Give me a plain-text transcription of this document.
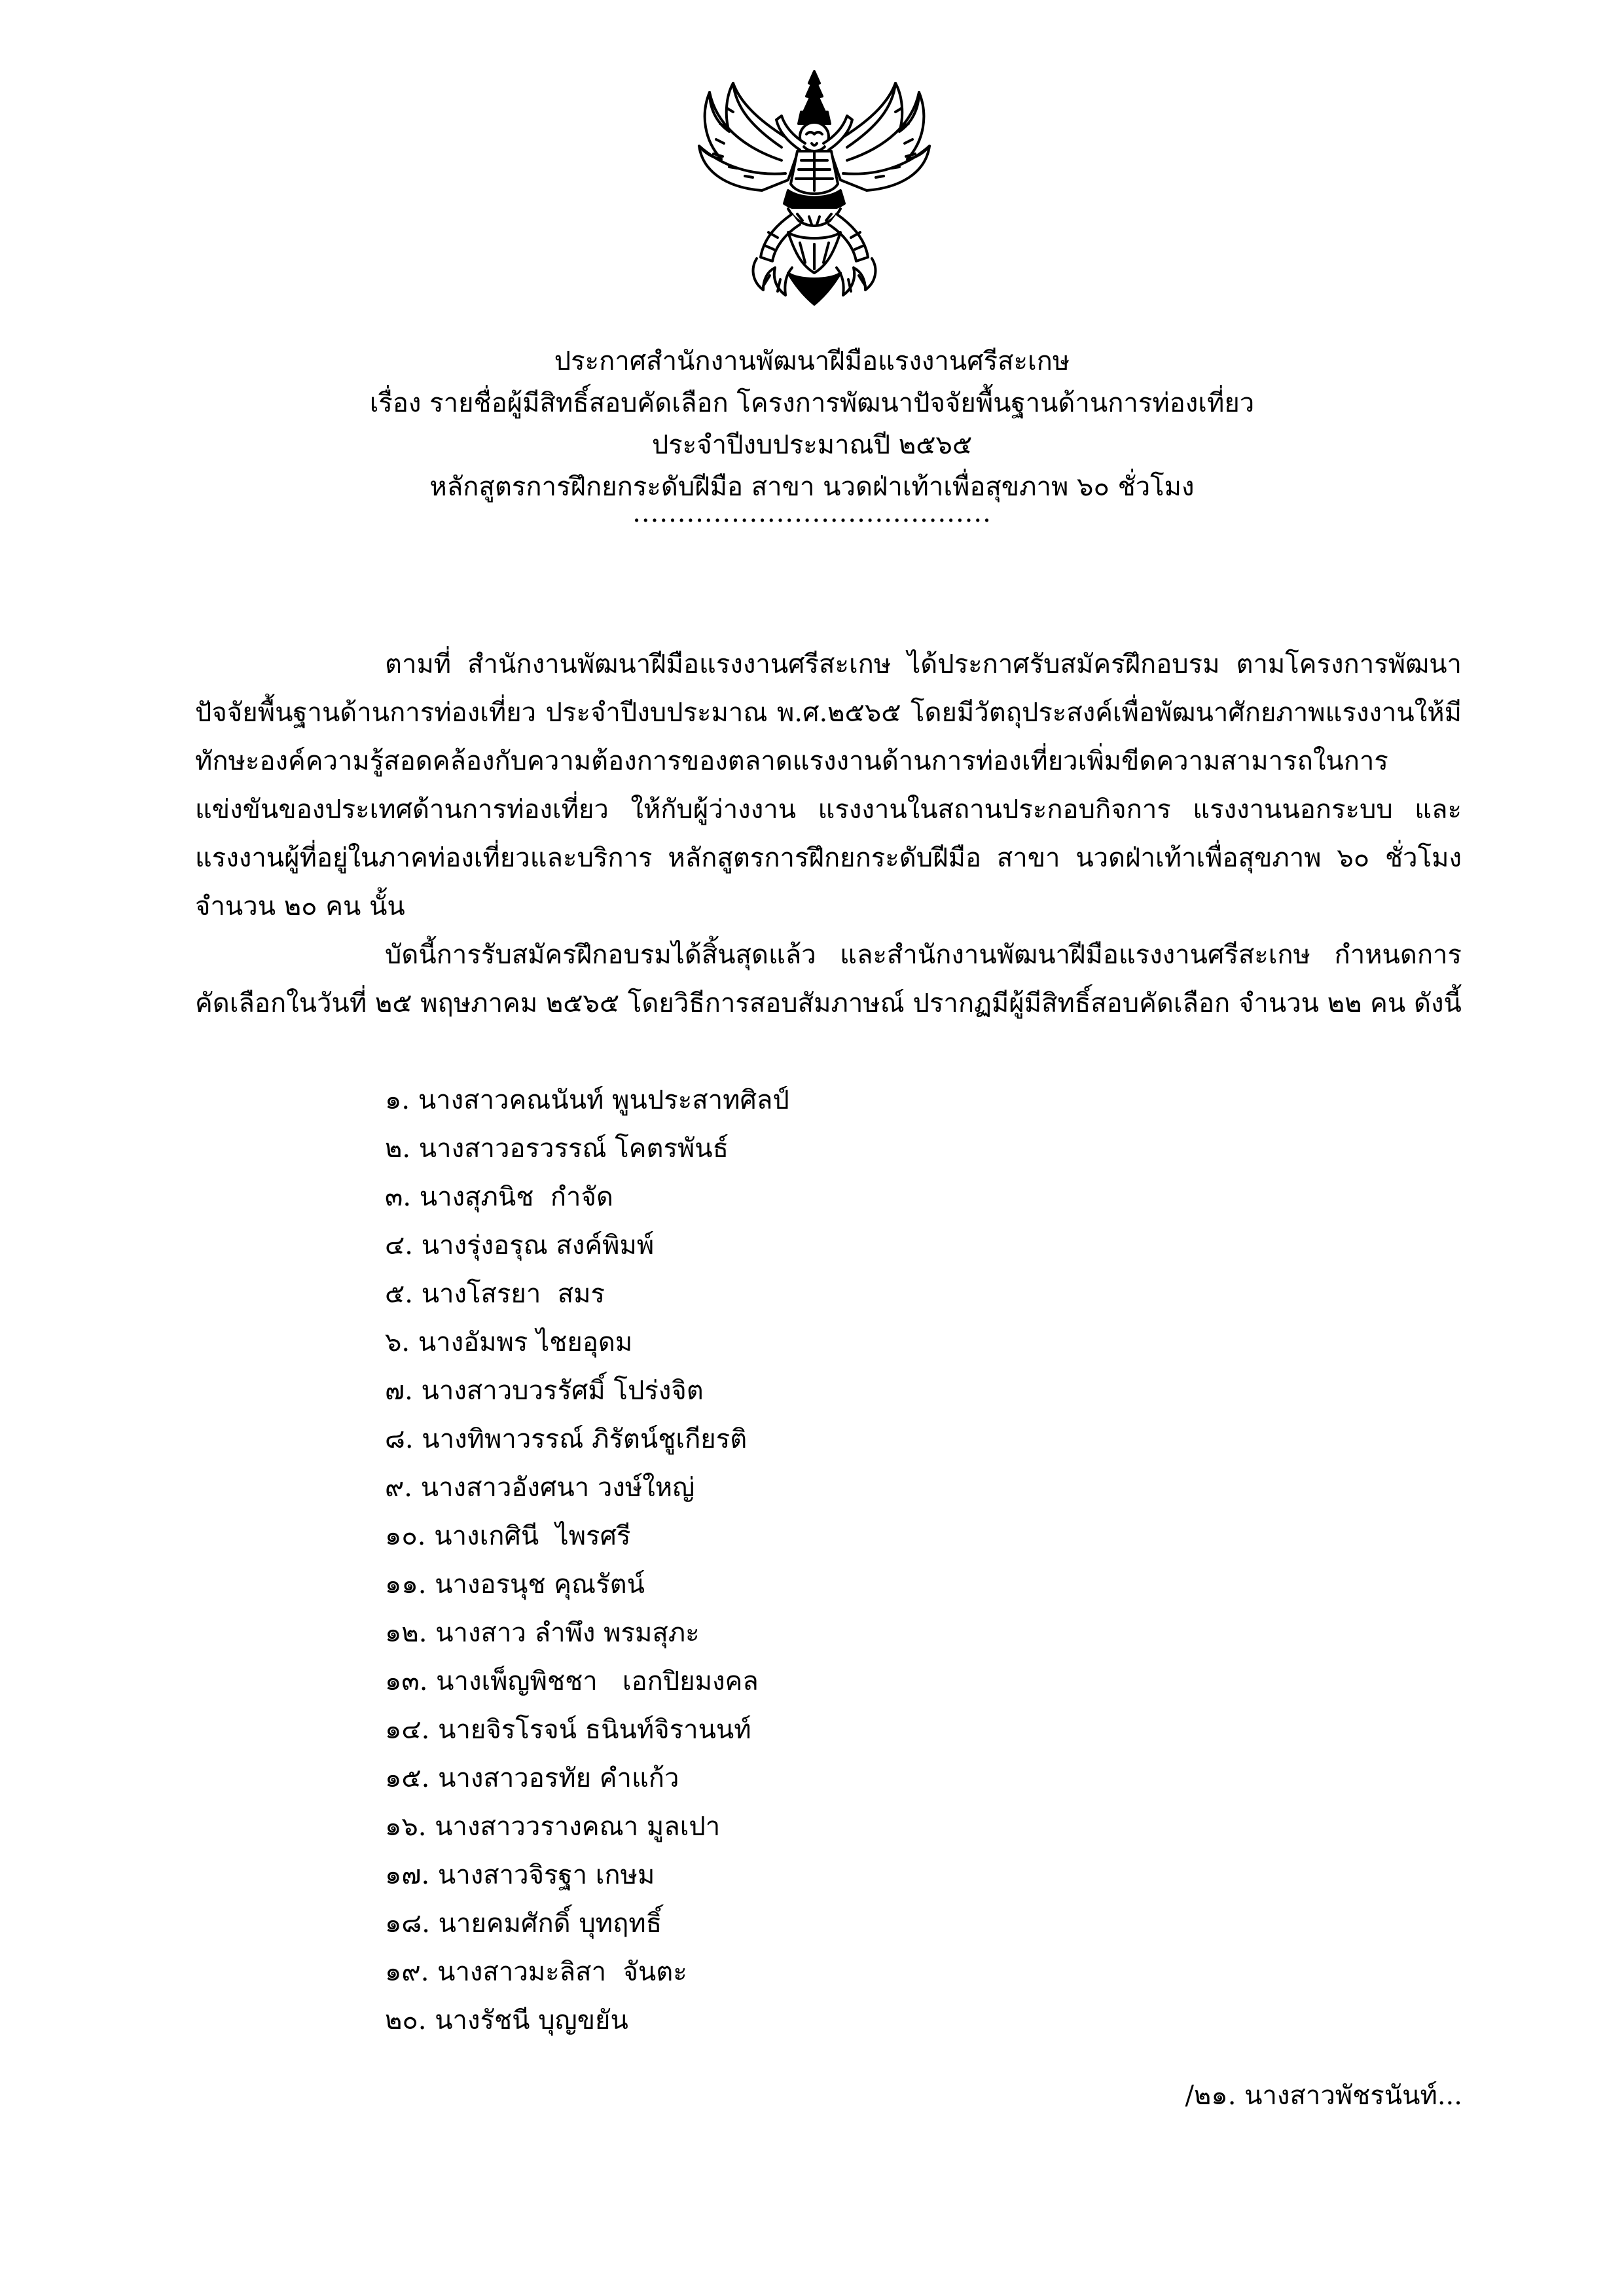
ประกาศสำนักงานพัฒนาฝีมือแรงงานศรีสะเกษ
เรื่อง รายชื่อผู้มีสิทธิ์สอบคัดเลือก โครงการพัฒนาปัจจัยพื้นฐานด้านการท่องเที่ยว
ประจำปีงบประมาณปี ๒๕๖๕
หลักสูตรการฝึกยกระดับฝีมือ สาขา นวดฝ่าเท้าเพื่อสุขภาพ ๖๐ ชั่วโมง
........................................

ตามที่ สำนักงานพัฒนาฝีมือแรงงานศรีสะเกษ ได้ประกาศรับสมัครฝึกอบรม ตามโครงการพัฒนาปัจจัยพื้นฐานด้านการท่องเที่ยว ประจำปีงบประมาณ พ.ศ.๒๕๖๕ โดยมีวัตถุประสงค์เพื่อพัฒนาศักยภาพแรงงานให้มีทักษะองค์ความรู้สอดคล้องกับความต้องการของตลาดแรงงานด้านการท่องเที่ยวเพิ่มขีดความสามารถในการแข่งขันของประเทศด้านการท่องเที่ยว ให้กับผู้ว่างงาน แรงงานในสถานประกอบกิจการ แรงงานนอกระบบ และแรงงานผู้ที่อยู่ในภาคท่องเที่ยวและบริการ หลักสูตรการฝึกยกระดับฝีมือ สาขา นวดฝ่าเท้าเพื่อสุขภาพ ๖๐ ชั่วโมง จำนวน ๒๐ คน นั้น

บัดนี้การรับสมัครฝึกอบรมได้สิ้นสุดแล้ว และสำนักงานพัฒนาฝีมือแรงงานศรีสะเกษ กำหนดการคัดเลือกในวันที่ ๒๕ พฤษภาคม ๒๕๖๕ โดยวิธีการสอบสัมภาษณ์ ปรากฏมีผู้มีสิทธิ์สอบคัดเลือก จำนวน ๒๒ คน ดังนี้

๑. นางสาวคณนันท์ พูนประสาทศิลป์
๒. นางสาวอรวรรณ์ โคตรพันธ์
๓. นางสุภนิช  กำจัด
๔. นางรุ่งอรุณ สงค์พิมพ์
๕. นางโสรยา  สมร
๖. นางอัมพร ไชยอุดม
๗. นางสาวบวรรัศมิ์ โปร่งจิต
๘. นางทิพาวรรณ์ ภิรัตน์ชูเกียรติ
๙. นางสาวอังศนา วงษ์ใหญ่
๑๐. นางเกศินี  ไพรศรี
๑๑. นางอรนุช คุณรัตน์
๑๒. นางสาว ลำพึง พรมสุภะ
๑๓. นางเพ็ญพิชชา   เอกปิยมงคล
๑๔. นายจิรโรจน์ ธนินท์จิรานนท์
๑๕. นางสาวอรทัย คำแก้ว
๑๖. นางสาววรางคณา มูลเปา
๑๗. นางสาวจิรฐา เกษม
๑๘. นายคมศักดิ์ บุทฤทธิ์
๑๙. นางสาวมะลิสา  จันตะ
๒๐. นางรัชนี บุญขยัน
/๒๑. นางสาวพัชรนันท์...
